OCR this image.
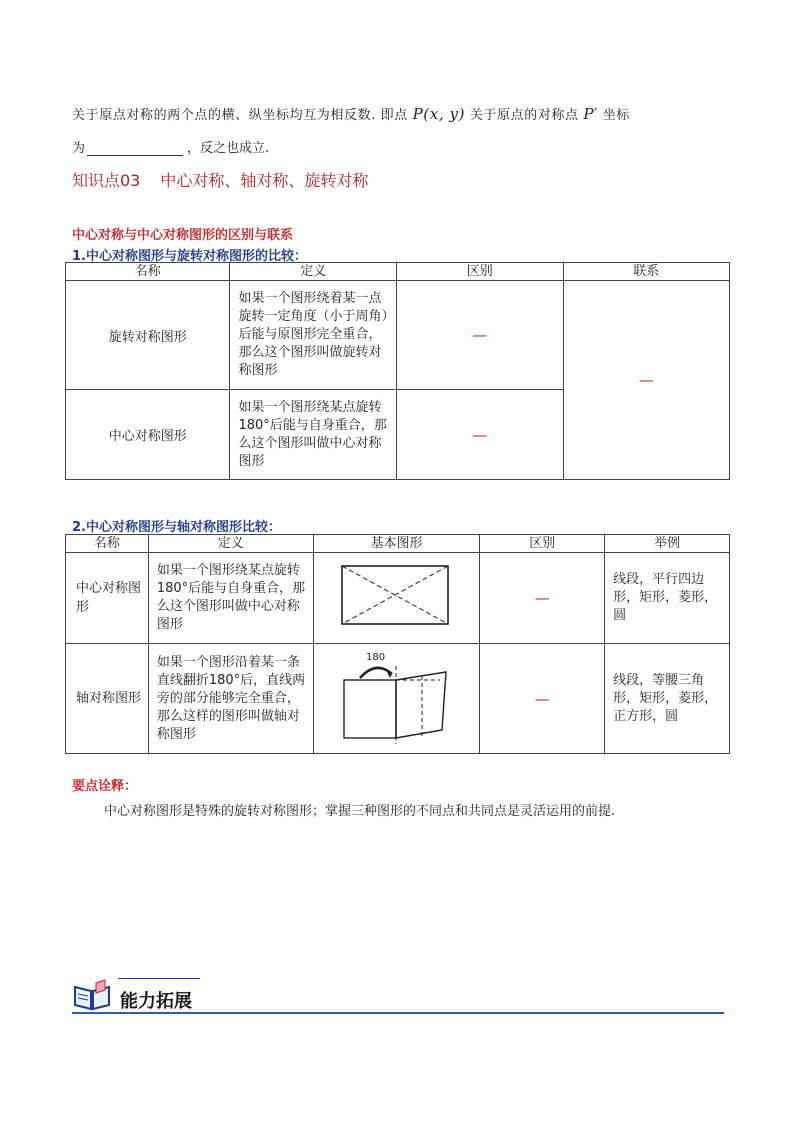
关于原点对称的两个点的横、纵坐标均互为相反数. 即点 P(x, y) 关于原点的对称点 P′ 坐标
为	，反之也成立.
知识点03 中心对称、轴对称、旋转对称
中心对称与中心对称图形的区别与联系
1.中心对称图形与旋转对称图形的比较：
名称	定义	区别	联系
旋转对称图形	如果一个图形绕着某一点旋转一定角度（小于周角）后能与原图形完全重合，那么这个图形叫做旋转对称图形	—	—
中心对称图形	如果一个图形绕某点旋转180°后能与自身重合，那么这个图形叫做中心对称图形	—	
2.中心对称图形与轴对称图形比较：
名称	定义	基本图形	区别	举例
中心对称图形	如果一个图形绕某点旋转180°后能与自身重合，那么这个图形叫做中心对称图形		—	线段，平行四边形，矩形，菱形，圆
轴对称图形	如果一个图形沿着某一条直线翻折180°后，直线两旁的部分能够完全重合，那么这样的图形叫做轴对称图形	180	—	线段，等腰三角形，矩形，菱形，正方形，圆
要点诠释：
中心对称图形是特殊的旋转对称图形；掌握三种图形的不同点和共同点是灵活运用的前提.
能力拓展
